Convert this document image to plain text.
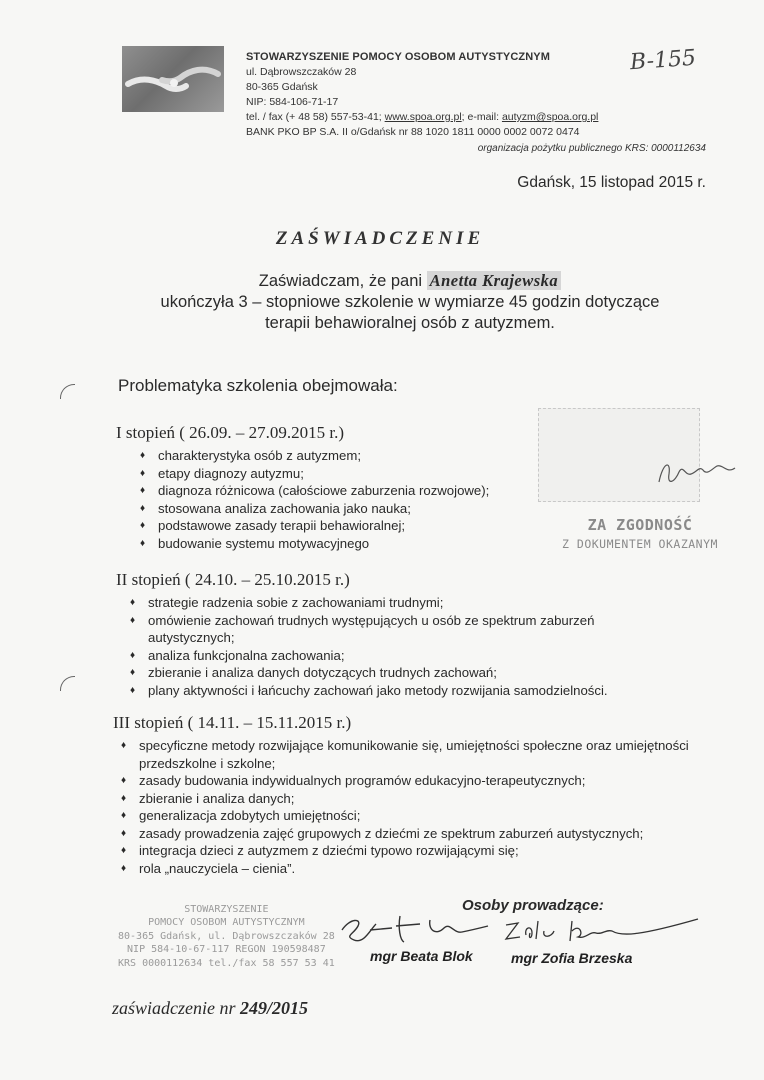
STOWARZYSZENIE POMOCY OSOBOM AUTYSTYCZNYM
ul. Dąbrowszczaków 28
80-365 Gdańsk
NIP: 584-106-71-17
tel. / fax (+ 48 58) 557-53-41; www.spoa.org.pl; e-mail: autyzm@spoa.org.pl
BANK PKO BP S.A. II o/Gdańsk nr 88 1020 1811 0000 0002 0072 0474
organizacja pożytku publicznego KRS: 0000112634
B-155
Gdańsk, 15 listopad 2015 r.
ZAŚWIADCZENIE
Zaświadczam, że pani Anetta Krajewska
ukończyła 3 – stopniowe szkolenie w wymiarze 45 godzin dotyczące
terapii behawioralnej osób z autyzmem.
Problematyka szkolenia obejmowała:
I stopień ( 26.09. – 27.09.2015 r.)
♦ charakterystyka osób z autyzmem;
♦ etapy diagnozy autyzmu;
♦ diagnoza różnicowa (całościowe zaburzenia rozwojowe);
♦ stosowana analiza zachowania jako nauka;
♦ podstawowe zasady terapii behawioralnej;
♦ budowanie systemu motywacyjnego
II stopień ( 24.10. – 25.10.2015 r.)
♦ strategie radzenia sobie z zachowaniami trudnymi;
♦ omówienie zachowań trudnych występujących u osób ze spektrum zaburzeń autystycznych;
♦ analiza funkcjonalna zachowania;
♦ zbieranie i analiza danych dotyczących trudnych zachowań;
♦ plany aktywności i łańcuchy zachowań jako metody rozwijania samodzielności.
III stopień ( 14.11. – 15.11.2015 r.)
♦ specyficzne metody rozwijające komunikowanie się, umiejętności społeczne oraz umiejętności przedszkolne i szkolne;
♦ zasady budowania indywidualnych programów edukacyjno-terapeutycznych;
♦ zbieranie i analiza danych;
♦ generalizacja zdobytych umiejętności;
♦ zasady prowadzenia zajęć grupowych z dziećmi ze spektrum zaburzeń autystycznych;
♦ integracja dzieci z autyzmem z dziećmi typowo rozwijającymi się;
♦ rola „nauczyciela – cienia”.
ZA ZGODNOŚĆ
Z DOKUMENTEM OKAZANYM
STOWARZYSZENIE
POMOCY OSOBOM AUTYSTYCZNYM
80-365 Gdańsk, ul. Dąbrowszczaków 28
NIP 584-10-67-117 REGON 190598487
KRS 0000112634 tel./fax 58 557 53 41
Osoby prowadzące:
mgr Beata Blok	mgr Zofia Brzeska
zaświadczenie nr 249/2015
